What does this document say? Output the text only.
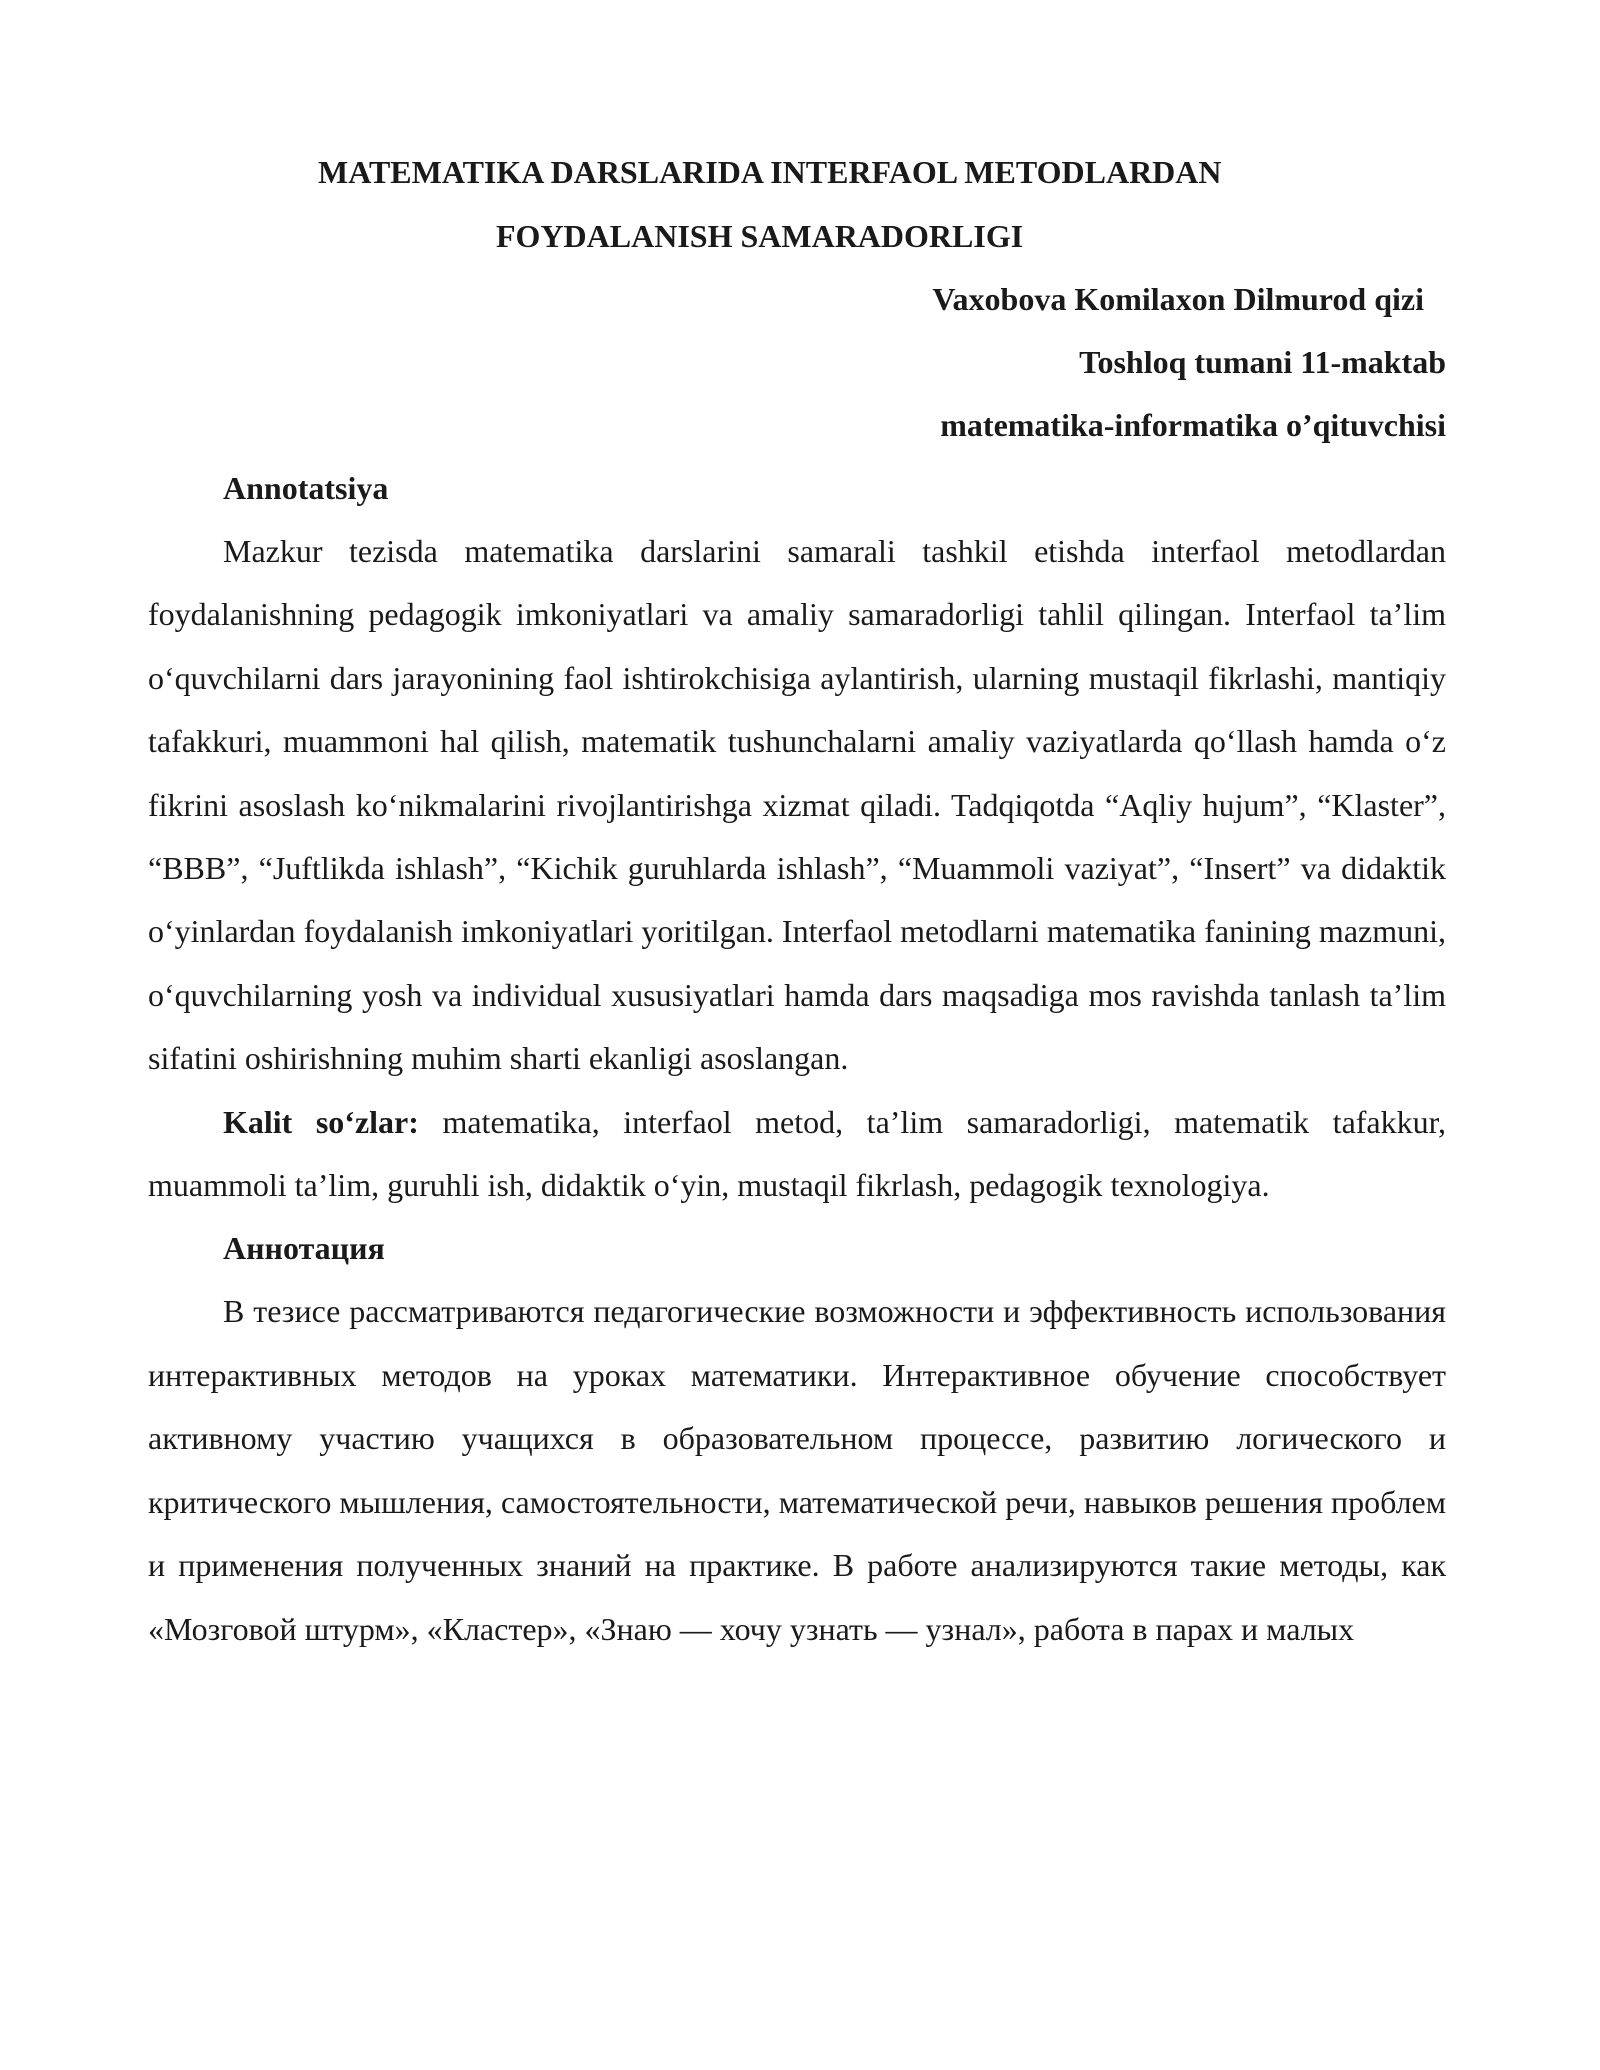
MATEMATIKA DARSLARIDA INTERFAOL METODLARDAN
FOYDALANISH SAMARADORLIGI
Vaxobova Komilaxon Dilmurod qizi
Toshloq tumani 11-maktab
matematika-informatika o’qituvchisi
Annotatsiya

Mazkur tezisda matematika darslarini samarali tashkil etishda interfaol metodlardan foydalanishning pedagogik imkoniyatlari va amaliy samaradorligi tahlil qilingan. Interfaol ta’lim o‘quvchilarni dars jarayonining faol ishtirokchisiga aylantirish, ularning mustaqil fikrlashi, mantiqiy tafakkuri, muammoni hal qilish, matematik tushunchalarni amaliy vaziyatlarda qo‘llash hamda o‘z fikrini asoslash ko‘nikmalarini rivojlantirishga xizmat qiladi. Tadqiqotda “Aqliy hujum”, “Klaster”, “BBB”, “Juftlikda ishlash”, “Kichik guruhlarda ishlash”, “Muammoli vaziyat”, “Insert” va didaktik o‘yinlardan foydalanish imkoniyatlari yoritilgan. Interfaol metodlarni matematika fanining mazmuni, o‘quvchilarning yosh va individual xususiyatlari hamda dars maqsadiga mos ravishda tanlash ta’lim sifatini oshirishning muhim sharti ekanligi asoslangan.

Kalit so‘zlar: matematika, interfaol metod, ta’lim samaradorligi, matematik tafakkur, muammoli ta’lim, guruhli ish, didaktik o‘yin, mustaqil fikrlash, pedagogik texnologiya.

Аннотация

В тезисе рассматриваются педагогические возможности и эффективность использования интерактивных методов на уроках математики. Интерактивное обучение способствует активному участию учащихся в образовательном процессе, развитию логического и критического мышления, самостоятельности, математической речи, навыков решения проблем и применения полученных знаний на практике. В работе анализируются такие методы, как «Мозговой штурм», «Кластер», «Знаю — хочу узнать — узнал», работа в парах и малых
